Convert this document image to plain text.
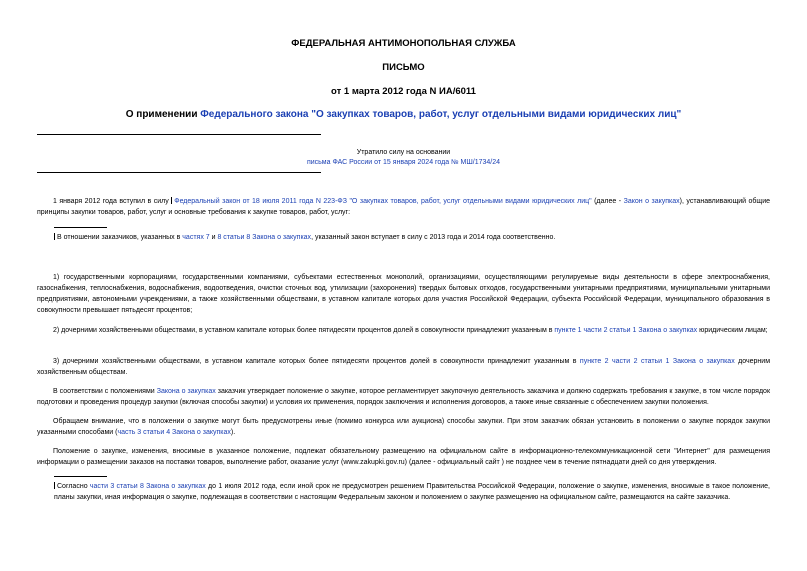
ФЕДЕРАЛЬНАЯ АНТИМОНОПОЛЬНАЯ СЛУЖБА
ПИСЬМО
от 1 марта 2012 года N ИА/6011
О применении Федерального закона "О закупках товаров, работ, услуг отдельными видами юридических лиц"
Утратило силу на основании
письма ФАС России от 15 января 2024 года № МШ/1734/24

1 января 2012 года вступил в силу Федеральный закон от 18 июля 2011 года N 223-ФЗ "О закупках товаров, работ, услуг отдельными видами юридических лиц" (далее - Закон о закупках), устанавливающий общие принципы закупки товаров, работ, услуг и основные требования к закупке товаров, работ, услуг:

В отношении заказчиков, указанных в частях 7 и 8 статьи 8 Закона о закупках, указанный закон вступает в силу с 2013 года и 2014 года соответственно.

1) государственными корпорациями, государственными компаниями, субъектами естественных монополий, организациями, осуществляющими регулируемые виды деятельности в сфере электроснабжения, газоснабжения, теплоснабжения, водоснабжения, водоотведения, очистки сточных вод, утилизации (захоронения) твердых бытовых отходов, государственными унитарными предприятиями, муниципальными унитарными предприятиями, автономными учреждениями, а также хозяйственными обществами, в уставном капитале которых доля участия Российской Федерации, субъекта Российской Федерации, муниципального образования в совокупности превышает пятьдесят процентов;

2) дочерними хозяйственными обществами, в уставном капитале которых более пятидесяти процентов долей в совокупности принадлежит указанным в пункте 1 части 2 статьи 1 Закона о закупках юридическим лицам;

3) дочерними хозяйственными обществами, в уставном капитале которых более пятидесяти процентов долей в совокупности принадлежит указанным в пункте 2 части 2 статьи 1 Закона о закупках дочерним хозяйственным обществам.

В соответствии с положениями Закона о закупках заказчик утверждает положение о закупке, которое регламентирует закупочную деятельность заказчика и должно содержать требования к закупке, в том числе порядок подготовки и проведения процедур закупки (включая способы закупки) и условия их применения, порядок заключения и исполнения договоров, а также иные связанные с обеспечением закупки положения.

Обращаем внимание, что в положении о закупке могут быть предусмотрены иные (помимо конкурса или аукциона) способы закупки. При этом заказчик обязан установить в положении о закупке порядок закупки указанными способами (часть 3 статьи 4 Закона о закупках).

Положение о закупке, изменения, вносимые в указанное положение, подлежат обязательному размещению на официальном сайте в информационно-телекоммуникационной сети "Интернет" для размещения информации о размещении заказов на поставки товаров, выполнение работ, оказание услуг (www.zakupki.gov.ru) (далее - официальный сайт ) не позднее чем в течение пятнадцати дней со дня утверждения.

Согласно части 3 статьи 8 Закона о закупках до 1 июля 2012 года, если иной срок не предусмотрен решением Правительства Российской Федерации, положение о закупке, изменения, вносимые в такое положение, планы закупки, иная информация о закупке, подлежащая в соответствии с настоящим Федеральным законом и положением о закупке размещению на официальном сайте, размещаются на сайте заказчика.
